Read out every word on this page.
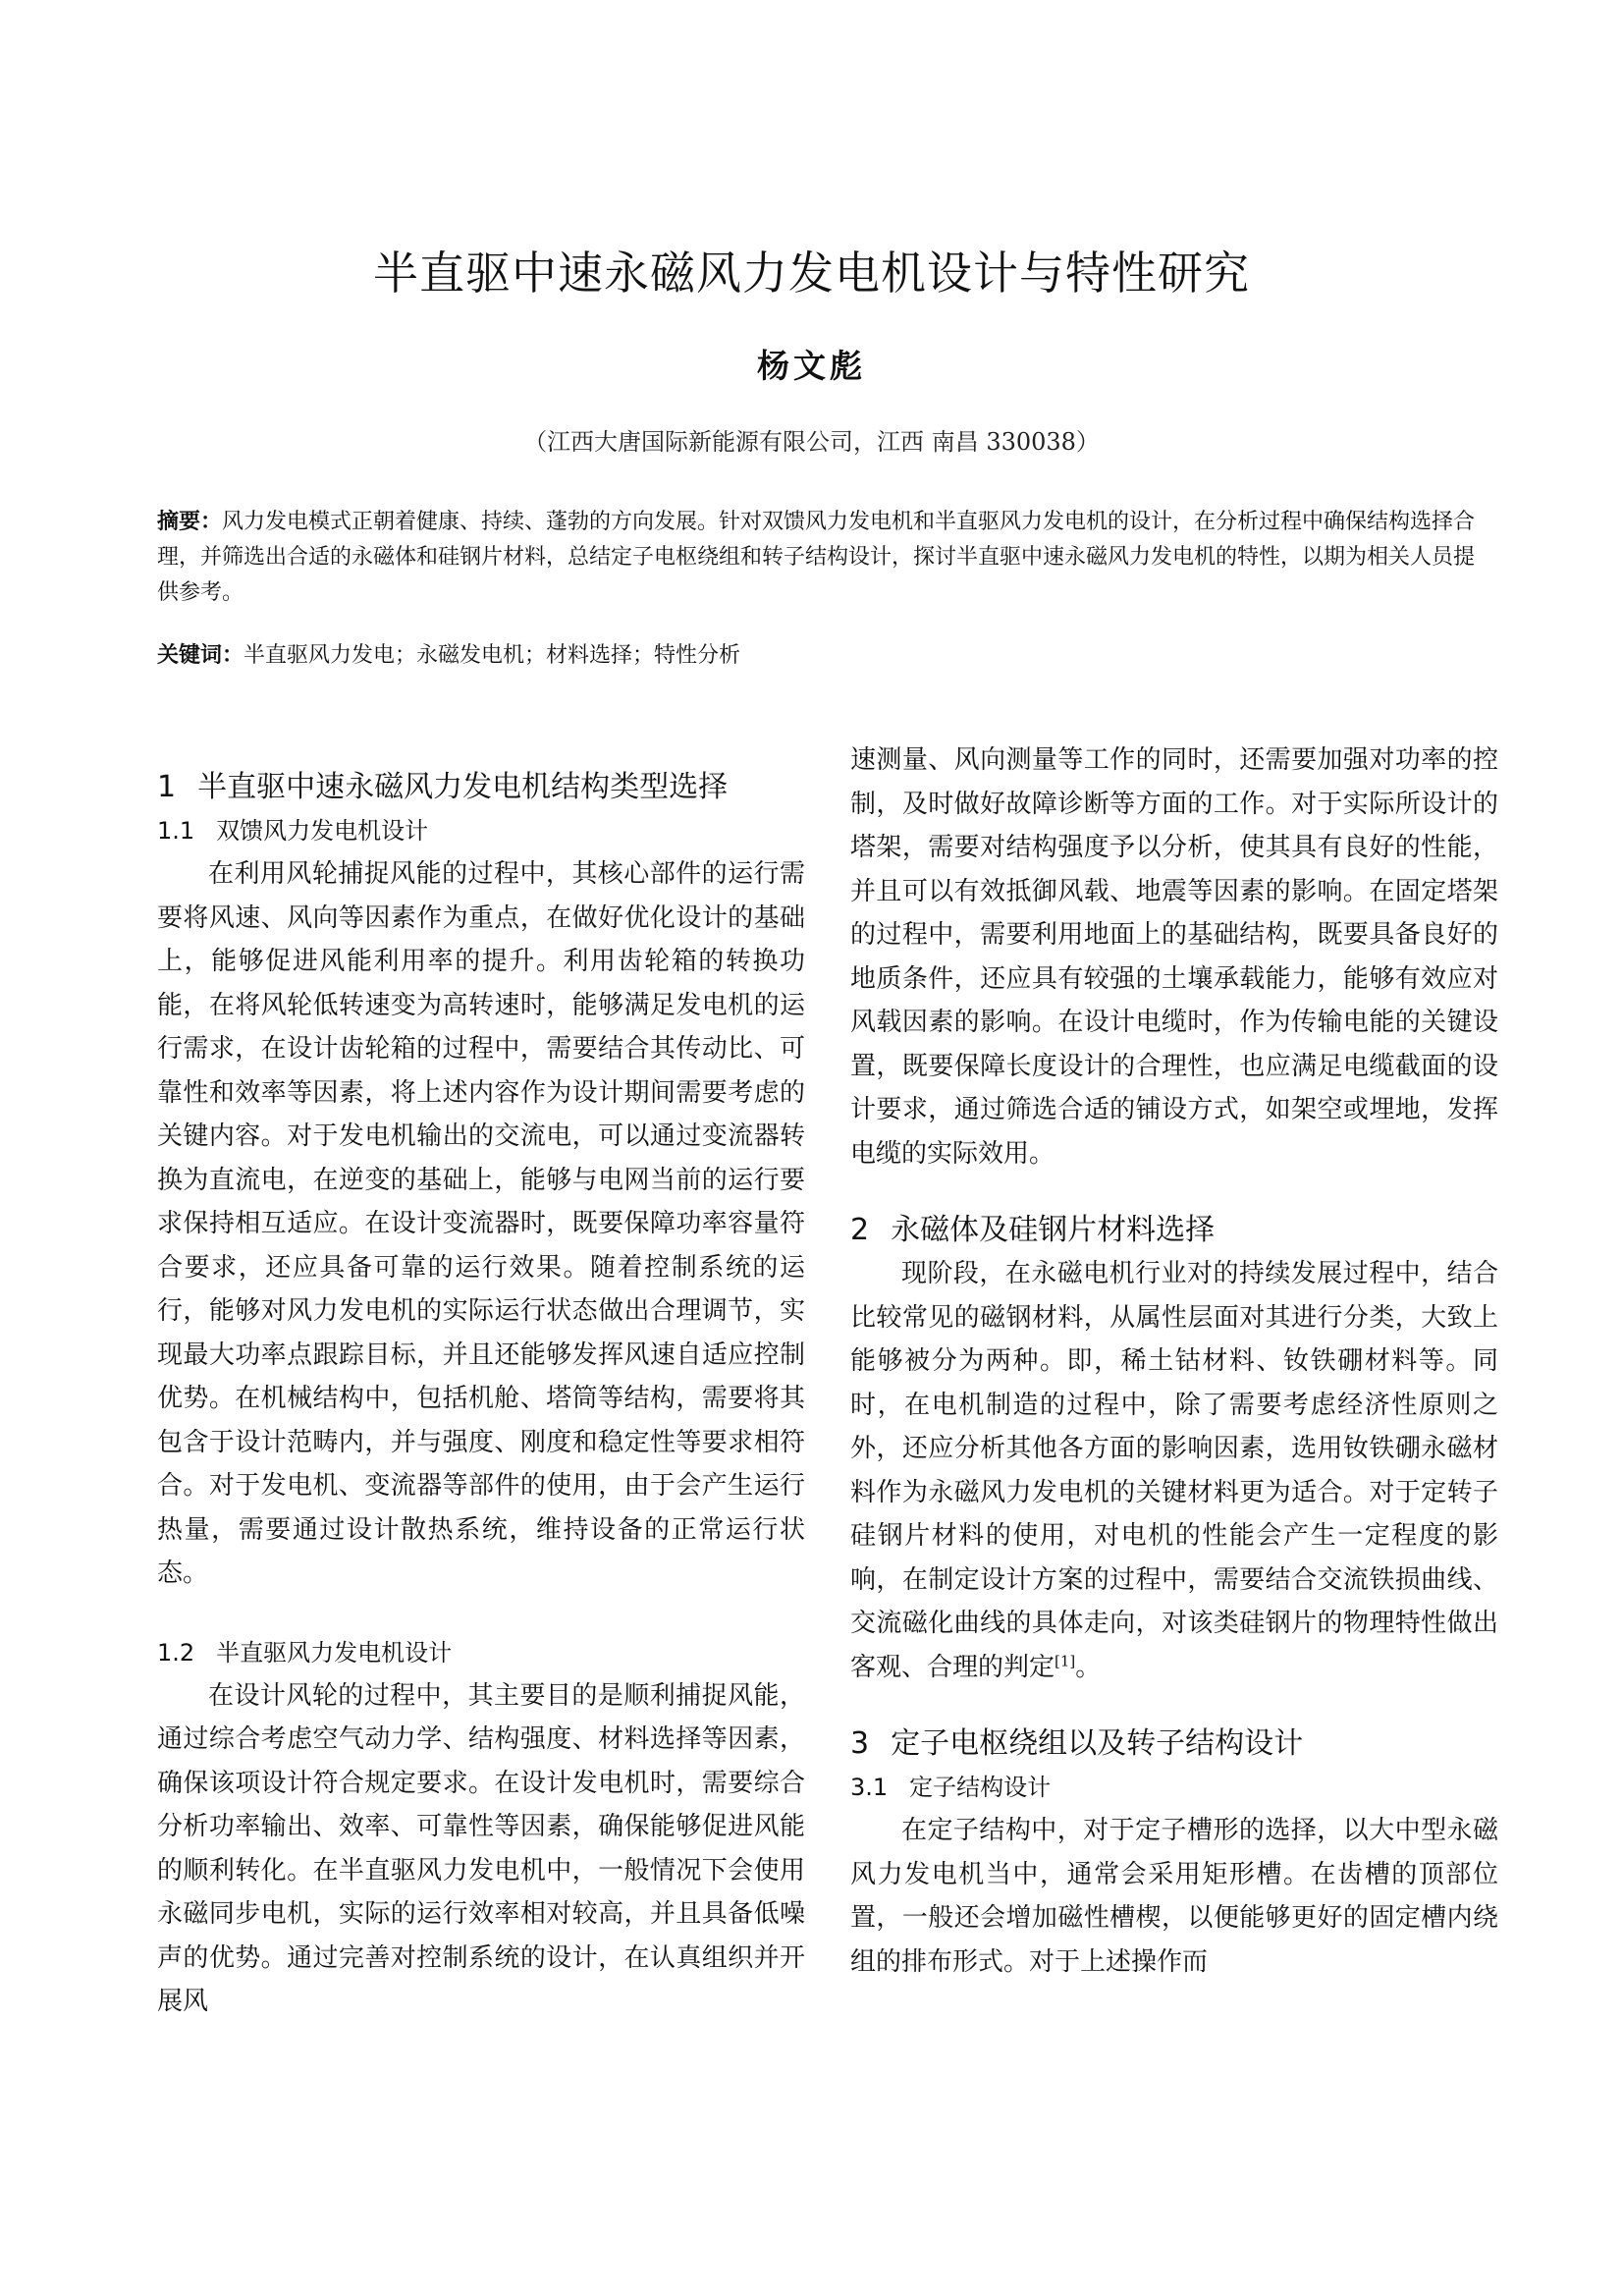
半直驱中速永磁风力发电机设计与特性研究
杨文彪
（江西大唐国际新能源有限公司，江西 南昌 330038）

摘要：风力发电模式正朝着健康、持续、蓬勃的方向发展。针对双馈风力发电机和半直驱风力发电机的设计，在分析过程中确保结构选择合理，并筛选出合适的永磁体和硅钢片材料，总结定子电枢绕组和转子结构设计，探讨半直驱中速永磁风力发电机的特性，以期为相关人员提供参考。

关键词：半直驱风力发电；永磁发电机；材料选择；特性分析

1 半直驱中速永磁风力发电机结构类型选择
1.1 双馈风力发电机设计

在利用风轮捕捉风能的过程中，其核心部件的运行需要将风速、风向等因素作为重点，在做好优化设计的基础上，能够促进风能利用率的提升。利用齿轮箱的转换功能，在将风轮低转速变为高转速时，能够满足发电机的运行需求，在设计齿轮箱的过程中，需要结合其传动比、可靠性和效率等因素，将上述内容作为设计期间需要考虑的关键内容。对于发电机输出的交流电，可以通过变流器转换为直流电，在逆变的基础上，能够与电网当前的运行要求保持相互适应。在设计变流器时，既要保障功率容量符合要求，还应具备可靠的运行效果。随着控制系统的运行，能够对风力发电机的实际运行状态做出合理调节，实现最大功率点跟踪目标，并且还能够发挥风速自适应控制优势。在机械结构中，包括机舱、塔筒等结构，需要将其包含于设计范畴内，并与强度、刚度和稳定性等要求相符合。对于发电机、变流器等部件的使用，由于会产生运行热量，需要通过设计散热系统，维持设备的正常运行状态。

1.2 半直驱风力发电机设计

在设计风轮的过程中，其主要目的是顺利捕捉风能，通过综合考虑空气动力学、结构强度、材料选择等因素，确保该项设计符合规定要求。在设计发电机时，需要综合分析功率输出、效率、可靠性等因素，确保能够促进风能的顺利转化。在半直驱风力发电机中，一般情况下会使用永磁同步电机，实际的运行效率相对较高，并且具备低噪声的优势。通过完善对控制系统的设计，在认真组织并开展风

速测量、风向测量等工作的同时，还需要加强对功率的控制，及时做好故障诊断等方面的工作。对于实际所设计的塔架，需要对结构强度予以分析，使其具有良好的性能，并且可以有效抵御风载、地震等因素的影响。在固定塔架的过程中，需要利用地面上的基础结构，既要具备良好的地质条件，还应具有较强的土壤承载能力，能够有效应对风载因素的影响。在设计电缆时，作为传输电能的关键设置，既要保障长度设计的合理性，也应满足电缆截面的设计要求，通过筛选合适的铺设方式，如架空或埋地，发挥电缆的实际效用。

2 永磁体及硅钢片材料选择

现阶段，在永磁电机行业对的持续发展过程中，结合比较常见的磁钢材料，从属性层面对其进行分类，大致上能够被分为两种。即，稀土钴材料、钕铁硼材料等。同时，在电机制造的过程中，除了需要考虑经济性原则之外，还应分析其他各方面的影响因素，选用钕铁硼永磁材料作为永磁风力发电机的关键材料更为适合。对于定转子硅钢片材料的使用，对电机的性能会产生一定程度的影响，在制定设计方案的过程中，需要结合交流铁损曲线、交流磁化曲线的具体走向，对该类硅钢片的物理特性做出客观、合理的判定[1]。

3 定子电枢绕组以及转子结构设计
3.1 定子结构设计

在定子结构中，对于定子槽形的选择，以大中型永磁风力发电机当中，通常会采用矩形槽。在齿槽的顶部位置，一般还会增加磁性槽楔，以便能够更好的固定槽内绕组的排布形式。对于上述操作而
